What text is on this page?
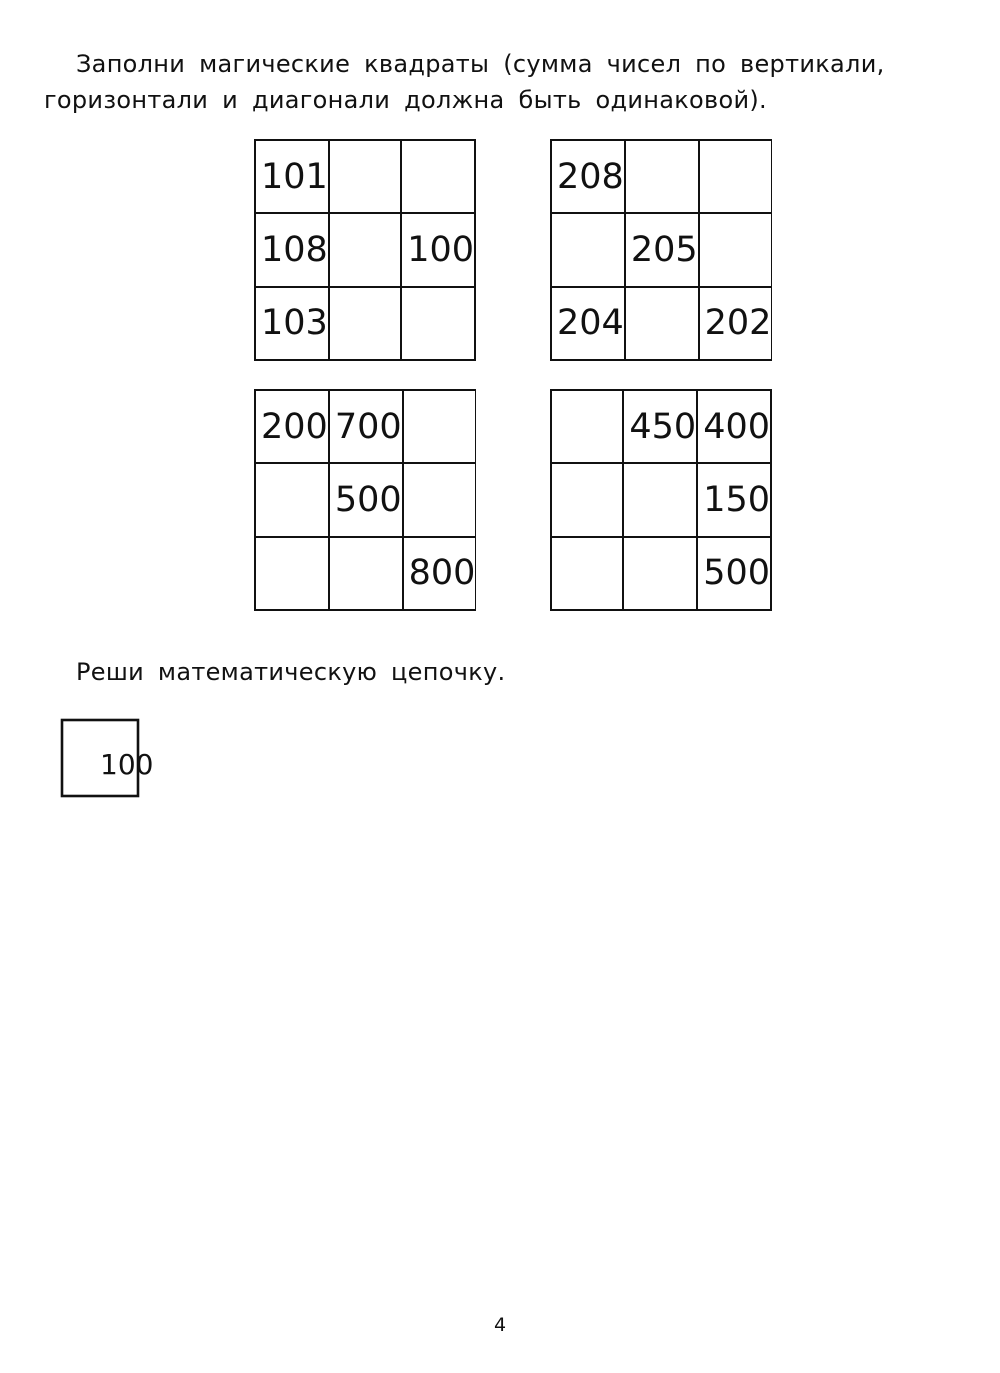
Заполни магические квадраты (сумма чисел по вертикали, горизонтали и диагонали должна быть одинаковой).

101
108 100
103
208
205
204 202
200 700
500
800
450 400
150
500

Реши математическую цепочку.

100
4
